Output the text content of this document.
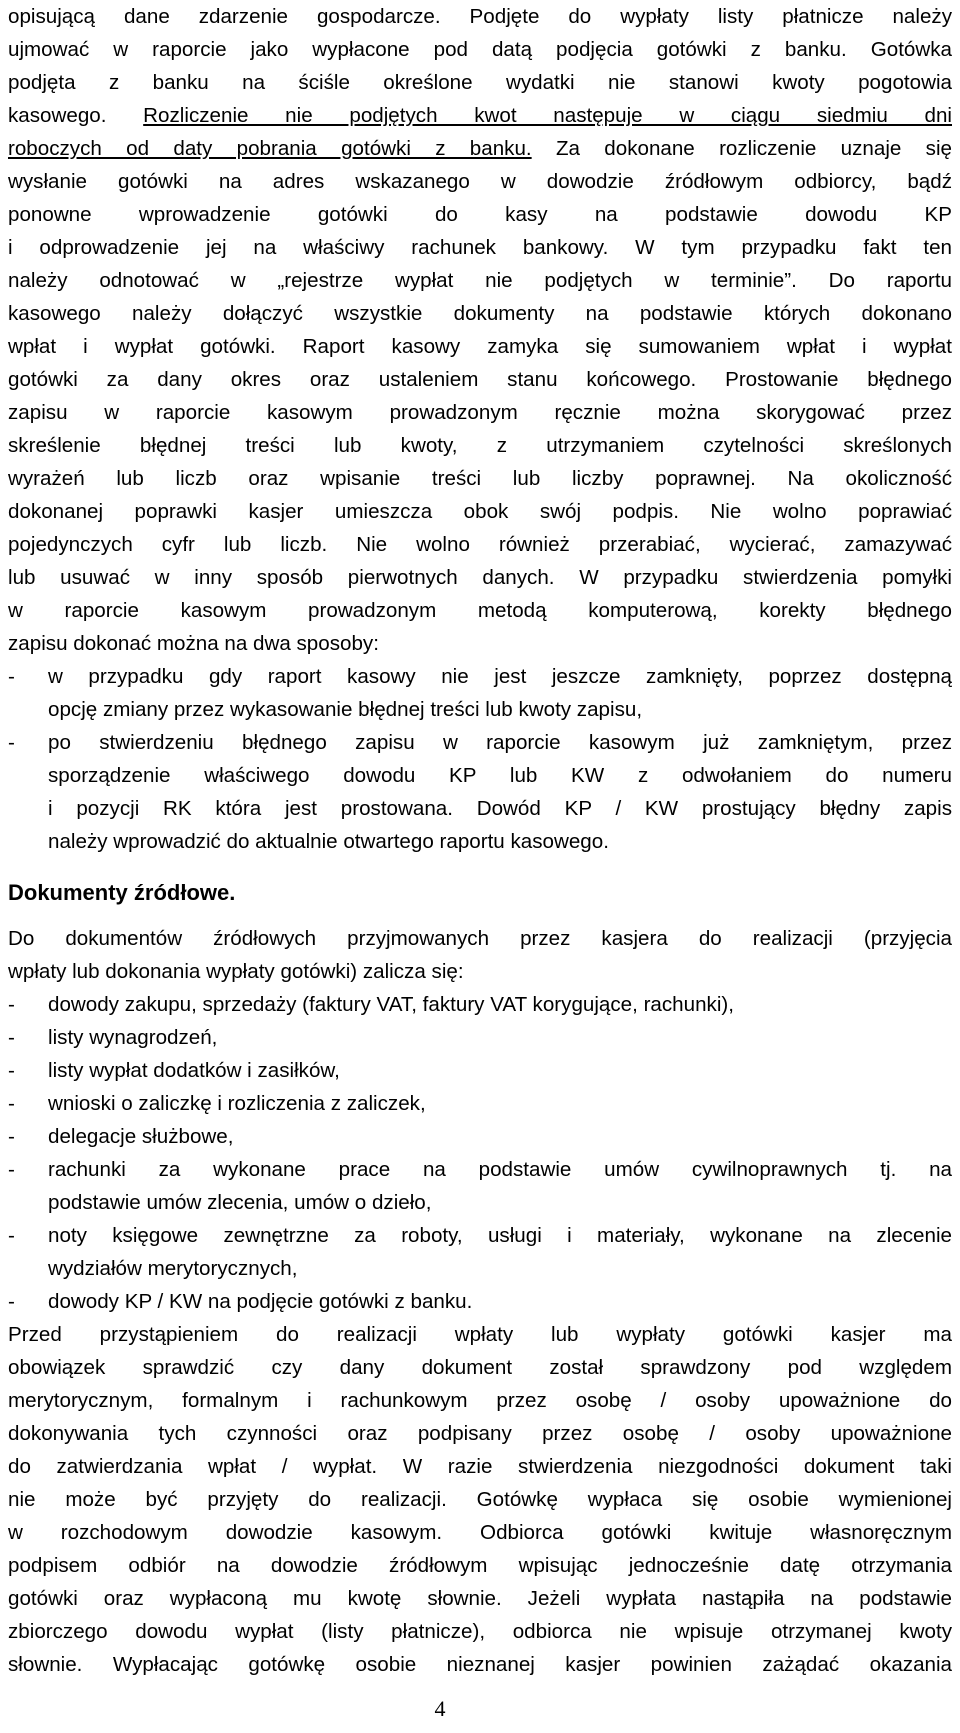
opisującą dane zdarzenie gospodarcze. Podjęte do wypłaty listy płatnicze należy
ujmować w raporcie jako wypłacone pod datą podjęcia gotówki z banku. Gotówka
podjęta z banku na ściśle określone wydatki nie stanowi kwoty pogotowia
kasowego. Rozliczenie nie podjętych kwot następuje w ciągu siedmiu dni
roboczych od daty pobrania gotówki z banku. Za dokonane rozliczenie uznaje się
wysłanie gotówki na adres wskazanego w dowodzie źródłowym odbiorcy, bądź
ponowne wprowadzenie gotówki do kasy na podstawie dowodu KP
i odprowadzenie jej na właściwy rachunek bankowy. W tym przypadku fakt ten
należy odnotować w „rejestrze wypłat nie podjętych w terminie”. Do raportu
kasowego należy dołączyć wszystkie dokumenty na podstawie których dokonano
wpłat i wypłat gotówki. Raport kasowy zamyka się sumowaniem wpłat i wypłat
gotówki za dany okres oraz ustaleniem stanu końcowego. Prostowanie błędnego
zapisu w raporcie kasowym prowadzonym ręcznie można skorygować przez
skreślenie błędnej treści lub kwoty, z utrzymaniem czytelności skreślonych
wyrażeń lub liczb oraz wpisanie treści lub liczby poprawnej. Na okoliczność
dokonanej poprawki kasjer umieszcza obok swój podpis. Nie wolno poprawiać
pojedynczych cyfr lub liczb. Nie wolno również przerabiać, wycierać, zamazywać
lub usuwać w inny sposób pierwotnych danych. W przypadku stwierdzenia pomyłki
w raporcie kasowym prowadzonym metodą komputerową, korekty błędnego
zapisu dokonać można na dwa sposoby:
-	w przypadku gdy raport kasowy nie jest jeszcze zamknięty, poprzez dostępną
opcję zmiany przez wykasowanie błędnej treści lub kwoty zapisu,
-	po stwierdzeniu błędnego zapisu w raporcie kasowym już zamkniętym, przez
sporządzenie właściwego dowodu KP lub KW z odwołaniem do numeru
i pozycji RK która jest prostowana. Dowód KP / KW prostujący błędny zapis
należy wprowadzić do aktualnie otwartego raportu kasowego.
Dokumenty źródłowe.
Do dokumentów źródłowych przyjmowanych przez kasjera do realizacji (przyjęcia
wpłaty lub dokonania wypłaty gotówki) zalicza się:
-	dowody zakupu, sprzedaży (faktury VAT, faktury VAT korygujące, rachunki),
-	listy wynagrodzeń,
-	listy wypłat dodatków i zasiłków,
-	wnioski o zaliczkę i rozliczenia z zaliczek,
-	delegacje służbowe,
-	rachunki za wykonane prace na podstawie umów cywilnoprawnych tj. na
podstawie umów zlecenia, umów o dzieło,
-	noty księgowe zewnętrzne za roboty, usługi i materiały, wykonane na zlecenie
wydziałów merytorycznych,
-	dowody KP / KW na podjęcie gotówki z banku.
Przed przystąpieniem do realizacji wpłaty lub wypłaty gotówki kasjer ma
obowiązek sprawdzić czy dany dokument został sprawdzony pod względem
merytorycznym, formalnym i rachunkowym przez osobę / osoby upoważnione do
dokonywania tych czynności oraz podpisany przez osobę / osoby upoważnione
do zatwierdzania wpłat / wypłat. W razie stwierdzenia niezgodności dokument taki
nie może być przyjęty do realizacji. Gotówkę wypłaca się osobie wymienionej
w rozchodowym dowodzie kasowym. Odbiorca gotówki kwituje własnoręcznym
podpisem odbiór na dowodzie źródłowym wpisując jednocześnie datę otrzymania
gotówki oraz wypłaconą mu kwotę słownie. Jeżeli wypłata nastąpiła na podstawie
zbiorczego dowodu wypłat (listy płatnicze), odbiorca nie wpisuje otrzymanej kwoty
słownie. Wypłacając gotówkę osobie nieznanej kasjer powinien zażądać okazania
4
